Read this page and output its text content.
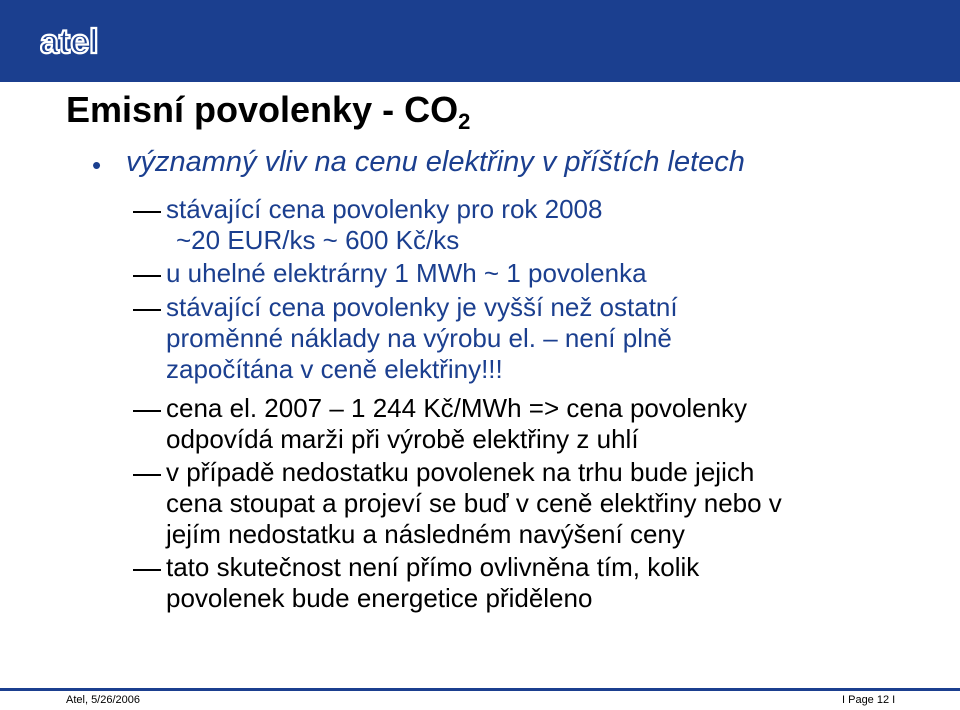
atel
Emisní povolenky - $CO_2$
• významný vliv na cenu elektřiny v příštích letech
stávající cena povolenky pro rok 2008
~20 EUR/ks ~ 600 Kč/ks
u uhelné elektrárny 1 MWh ~ 1 povolenka
stávající cena povolenky je vyšší než ostatní
proměnné náklady na výrobu el. – není plně
započítána v ceně elektřiny!!!
cena el. 2007 – 1 244 Kč/MWh => cena povolenky
odpovídá marži při výrobě elektřiny z uhlí
v případě nedostatku povolenek na trhu bude jejich
cena stoupat a projeví se buď v ceně elektřiny nebo v
jejím nedostatku a následném navýšení ceny
tato skutečnost není přímo ovlivněna tím, kolik
povolenek bude energetice přiděleno
Atel, 5/26/2006	I Page 12 I
